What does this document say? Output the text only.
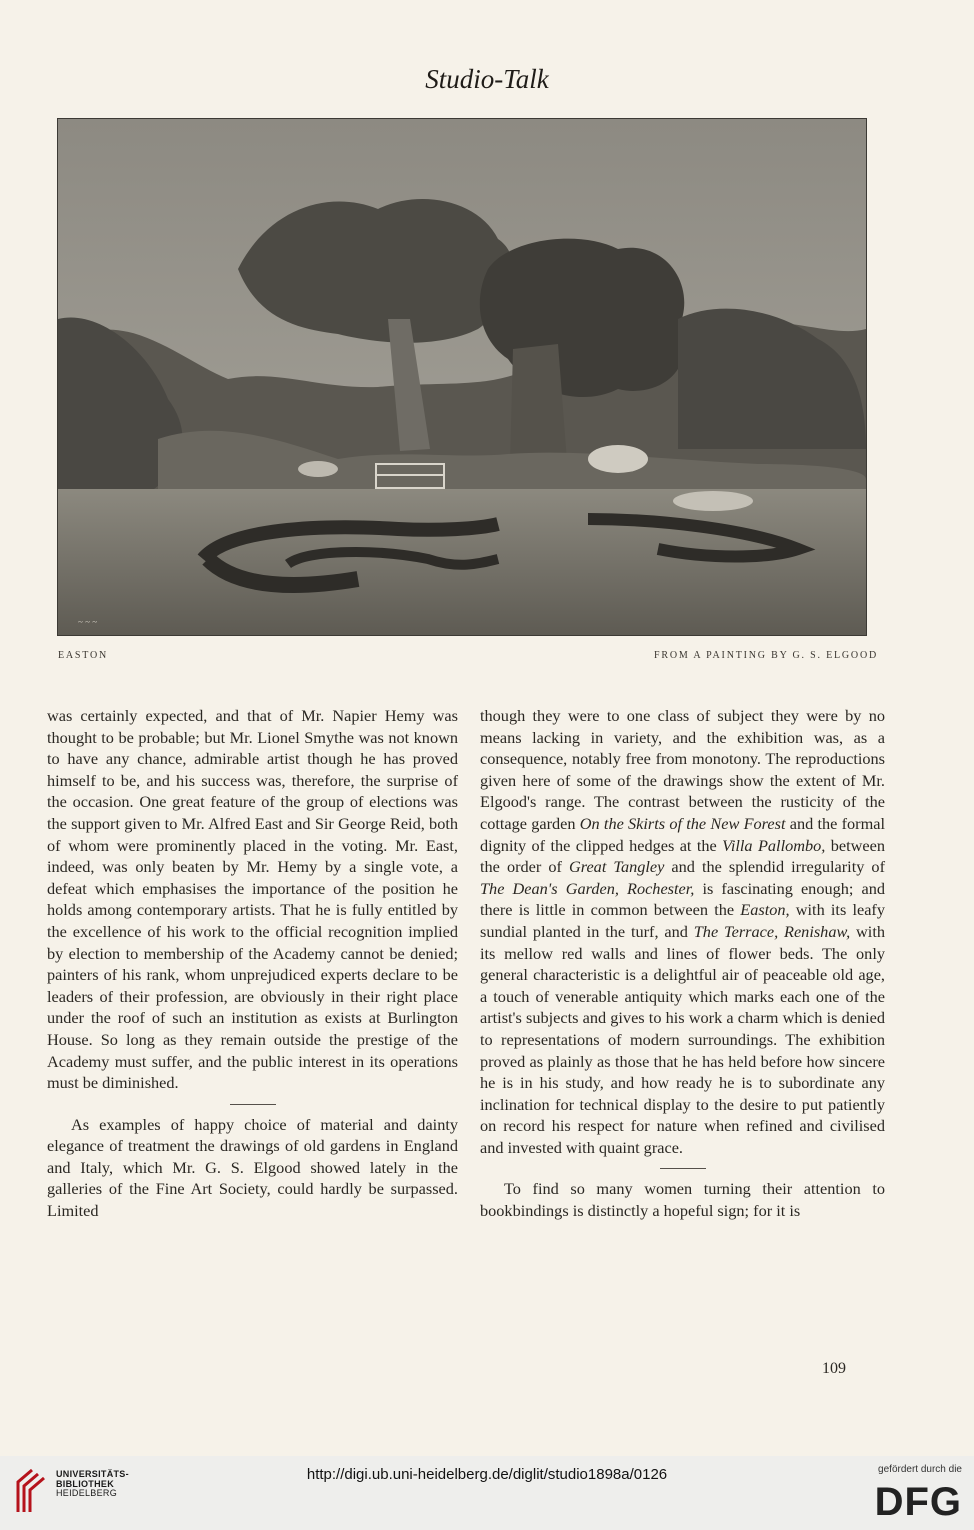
Studio-Talk
~ ~ ~
EASTON	FROM A PAINTING BY G. S. ELGOOD

was certainly expected, and that of Mr. Napier Hemy was thought to be probable; but Mr. Lionel Smythe was not known to have any chance, admirable artist though he has proved himself to be, and his success was, therefore, the surprise of the occasion. One great feature of the group of elections was the support given to Mr. Alfred East and Sir George Reid, both of whom were prominently placed in the voting. Mr. East, indeed, was only beaten by Mr. Hemy by a single vote, a defeat which emphasises the importance of the position he holds among contemporary artists. That he is fully entitled by the excellence of his work to the official recognition implied by election to membership of the Academy cannot be denied; painters of his rank, whom unprejudiced experts declare to be leaders of their profession, are obviously in their right place under the roof of such an institution as exists at Burlington House. So long as they remain outside the prestige of the Academy must suffer, and the public interest in its operations must be diminished.

As examples of happy choice of material and dainty elegance of treatment the drawings of old gardens in England and Italy, which Mr. G. S. Elgood showed lately in the galleries of the Fine Art Society, could hardly be surpassed. Limited

though they were to one class of subject they were by no means lacking in variety, and the exhibition was, as a consequence, notably free from monotony. The reproductions given here of some of the drawings show the extent of Mr. Elgood's range. The contrast between the rusticity of the cottage garden On the Skirts of the New Forest and the formal dignity of the clipped hedges at the Villa Pallombo, between the order of Great Tangley and the splendid irregularity of The Dean's Garden, Rochester, is fascinating enough; and there is little in common between the Easton, with its leafy sundial planted in the turf, and The Terrace, Renishaw, with its mellow red walls and lines of flower beds. The only general characteristic is a delightful air of peaceable old age, a touch of venerable antiquity which marks each one of the artist's subjects and gives to his work a charm which is denied to representations of modern surroundings. The exhibition proved as plainly as those that he has held before how sincere he is in his study, and how ready he is to subordinate any inclination for technical display to the desire to put patiently on record his respect for nature when refined and civilised and invested with quaint grace.

To find so many women turning their attention to bookbindings is distinctly a hopeful sign; for it is

109
UNIVERSITÄTS-
BIBLIOTHEK
HEIDELBERG
http://digi.ub.uni-heidelberg.de/diglit/studio1898a/0126	gefördert durch die
DFG
